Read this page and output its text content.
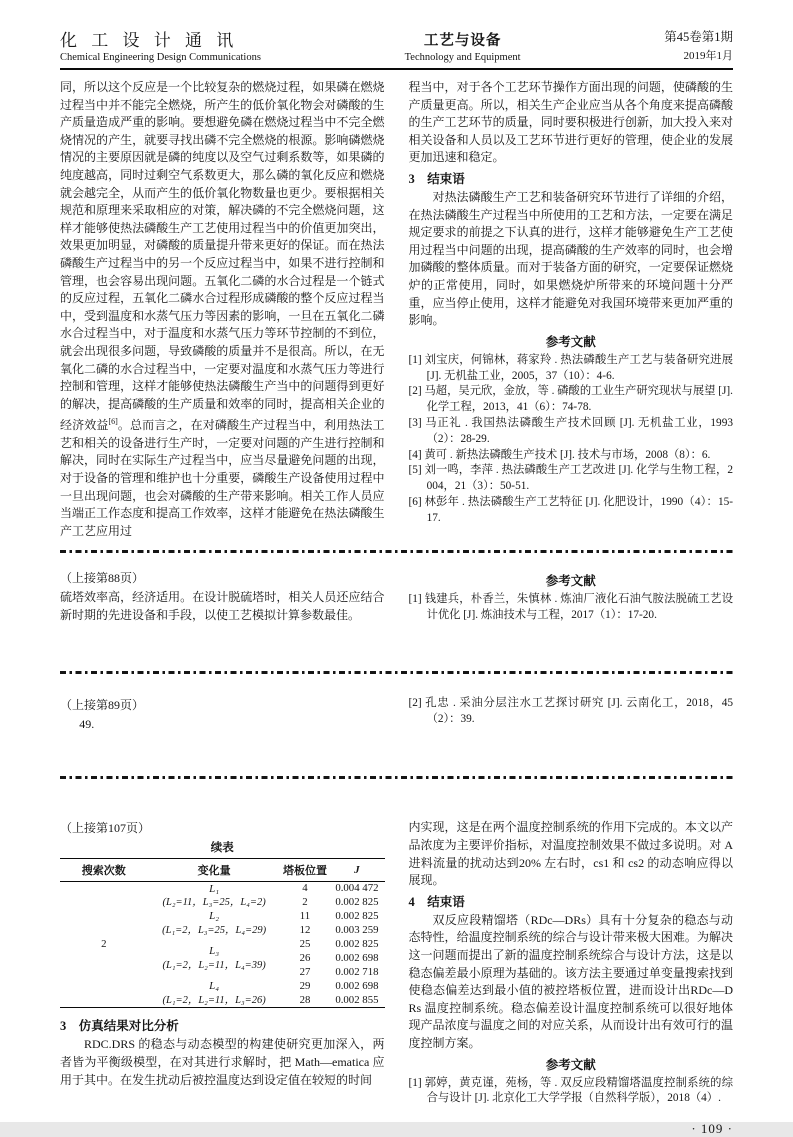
化 工 设 计 通 讯
Chemical Engineering Design Communications
工艺与设备
Technology and Equipment
第45卷第1期
2019年1月

同，所以这个反应是一个比较复杂的燃烧过程，如果磷在燃烧过程当中并不能完全燃烧，所产生的低价氧化物会对磷酸的生产质量造成严重的影响。要想避免磷在燃烧过程当中不完全燃烧情况的产生，就要寻找出磷不完全燃烧的根源。影响磷燃烧情况的主要原因就是磷的纯度以及空气过剩系数等，如果磷的纯度越高，同时过剩空气系数更大，那么磷的氧化反应和燃烧就会越完全，从而产生的低价氧化物数量也更少。要根据相关规范和原理来采取相应的对策，解决磷的不完全燃烧问题，这样才能够使热法磷酸生产工艺使用过程当中的价值更加突出，效果更加明显，对磷酸的质量提升带来更好的保证。而在热法磷酸生产过程当中的另一个反应过程当中，如果不进行控制和管理，也会容易出现问题。五氧化二磷的水合过程是一个链式的反应过程，五氧化二磷水合过程形成磷酸的整个反应过程当中，受到温度和水蒸气压力等因素的影响，一旦在五氧化二磷水合过程当中，对于温度和水蒸气压力等环节控制的不到位，就会出现很多问题，导致磷酸的质量并不是很高。所以，在无氧化二磷的水合过程当中，一定要对温度和水蒸气压力等进行控制和管理，这样才能够使热法磷酸生产当中的问题得到更好的解决，提高磷酸的生产质量和效率的同时，提高相关企业的经济效益[6]。总而言之，在对磷酸生产过程当中，利用热法工艺和相关的设备进行生产时，一定要对问题的产生进行控制和解决，同时在实际生产过程当中，应当尽量避免问题的出现，对于设备的管理和维护也十分重要，磷酸生产设备使用过程中一旦出现问题，也会对磷酸的生产带来影响。相关工作人员应当端正工作态度和提高工作效率，这样才能避免在热法磷酸生产工艺应用过

程当中，对于各个工艺环节操作方面出现的问题，使磷酸的生产质量更高。所以，相关生产企业应当从各个角度来提高磷酸的生产工艺环节的质量，同时要积极进行创新，加大投入来对相关设备和人员以及工艺环节进行更好的管理，使企业的发展更加迅速和稳定。

3　结束语

对热法磷酸生产工艺和装备研究环节进行了详细的介绍，在热法磷酸生产过程当中所使用的工艺和方法，一定要在满足规定要求的前提之下认真的进行，这样才能够避免生产工艺使用过程当中问题的出现，提高磷酸的生产效率的同时，也会增加磷酸的整体质量。而对于装备方面的研究，一定要保证燃烧炉的正常使用，同时，如果燃烧炉所带来的环境问题十分严重，应当停止使用，这样才能避免对我国环境带来更加严重的影响。

参考文献

[1] 刘宝庆，何锦林，蒋家羚 . 热法磷酸生产工艺与装备研究进展 [J]. 无机盐工业，2005，37（10）：4-6.

[2] 马超，吴元欣，金放，等 . 磷酸的工业生产研究现状与展望 [J]. 化学工程，2013，41（6）：74-78.

[3] 马正礼 . 我国热法磷酸生产技术回顾 [J]. 无机盐工业，1993（2）：28-29.

[4] 黄可 . 新热法磷酸生产技术 [J]. 技术与市场，2008（8）：6.

[5] 刘一鸣，李萍 . 热法磷酸生产工艺改进 [J]. 化学与生物工程，2004，21（3）：50-51.

[6] 林彭年 . 热法磷酸生产工艺特征 [J]. 化肥设计，1990（4）：15-17.

（上接第88页）

硫塔效率高，经济适用。在设计脱硫塔时，相关人员还应结合新时期的先进设备和手段，以使工艺模拟计算参数最佳。

参考文献

[1] 钱建兵，朴香兰，朱慎林 . 炼油厂液化石油气胺法脱硫工艺设计优化 [J]. 炼油技术与工程，2017（1）：17-20.

（上接第89页）

49.

[2] 孔忠 . 采油分层注水工艺探讨研究 [J]. 云南化工，2018，45（2）：39.

（上接第107页）
续表
搜索次数	变化量	塔板位置	J
2	L₁
(L₂=11，L₃=25，L₄=2)	4	0.004 472
		2	0.002 825

	L₂
(L₁=2，L₃=25，L₄=29)	11	0.002 825
		12	0.003 259

	L₃
(L₁=2，L₂=11，L₄=39)	25	0.002 825
		26	0.002 698
		27	0.002 718

	L₄
(L₁=2，L₂=11，L₃=26)	29	0.002 698
		28	0.002 855
3　仿真结果对比分析

RDC.DRS 的稳态与动态模型的构建使研究更加深入，两者皆为平衡级模型，在对其进行求解时，把 Math—ematica 应用于其中。在发生扰动后被控温度达到设定值在较短的时间

内实现，这是在两个温度控制系统的作用下完成的。本文以产品浓度为主要评价指标，对温度控制效果不做过多说明。对 A 进料流量的扰动达到20% 左右时，cs1 和 cs2 的动态响应得以展现。

4　结束语

双反应段精馏塔（RDc—DRs）具有十分复杂的稳态与动态特性，给温度控制系统的综合与设计带来极大困难。为解决这一问题而提出了新的温度控制系统综合与设计方法，这是以稳态偏差最小原理为基础的。该方法主要通过单变量搜索找到使稳态偏差达到最小值的被控塔板位置，进而设计出RDc—DRs 温度控制系统。稳态偏差设计温度控制系统可以很好地体现产品浓度与温度之间的对应关系，从而设计出有效可行的温度控制方案。

参考文献

[1] 郭婷，黄克谨，苑杨，等 . 双反应段精馏塔温度控制系统的综合与设计 [J]. 北京化工大学学报（自然科学版），2018（4）.

· 109 ·
